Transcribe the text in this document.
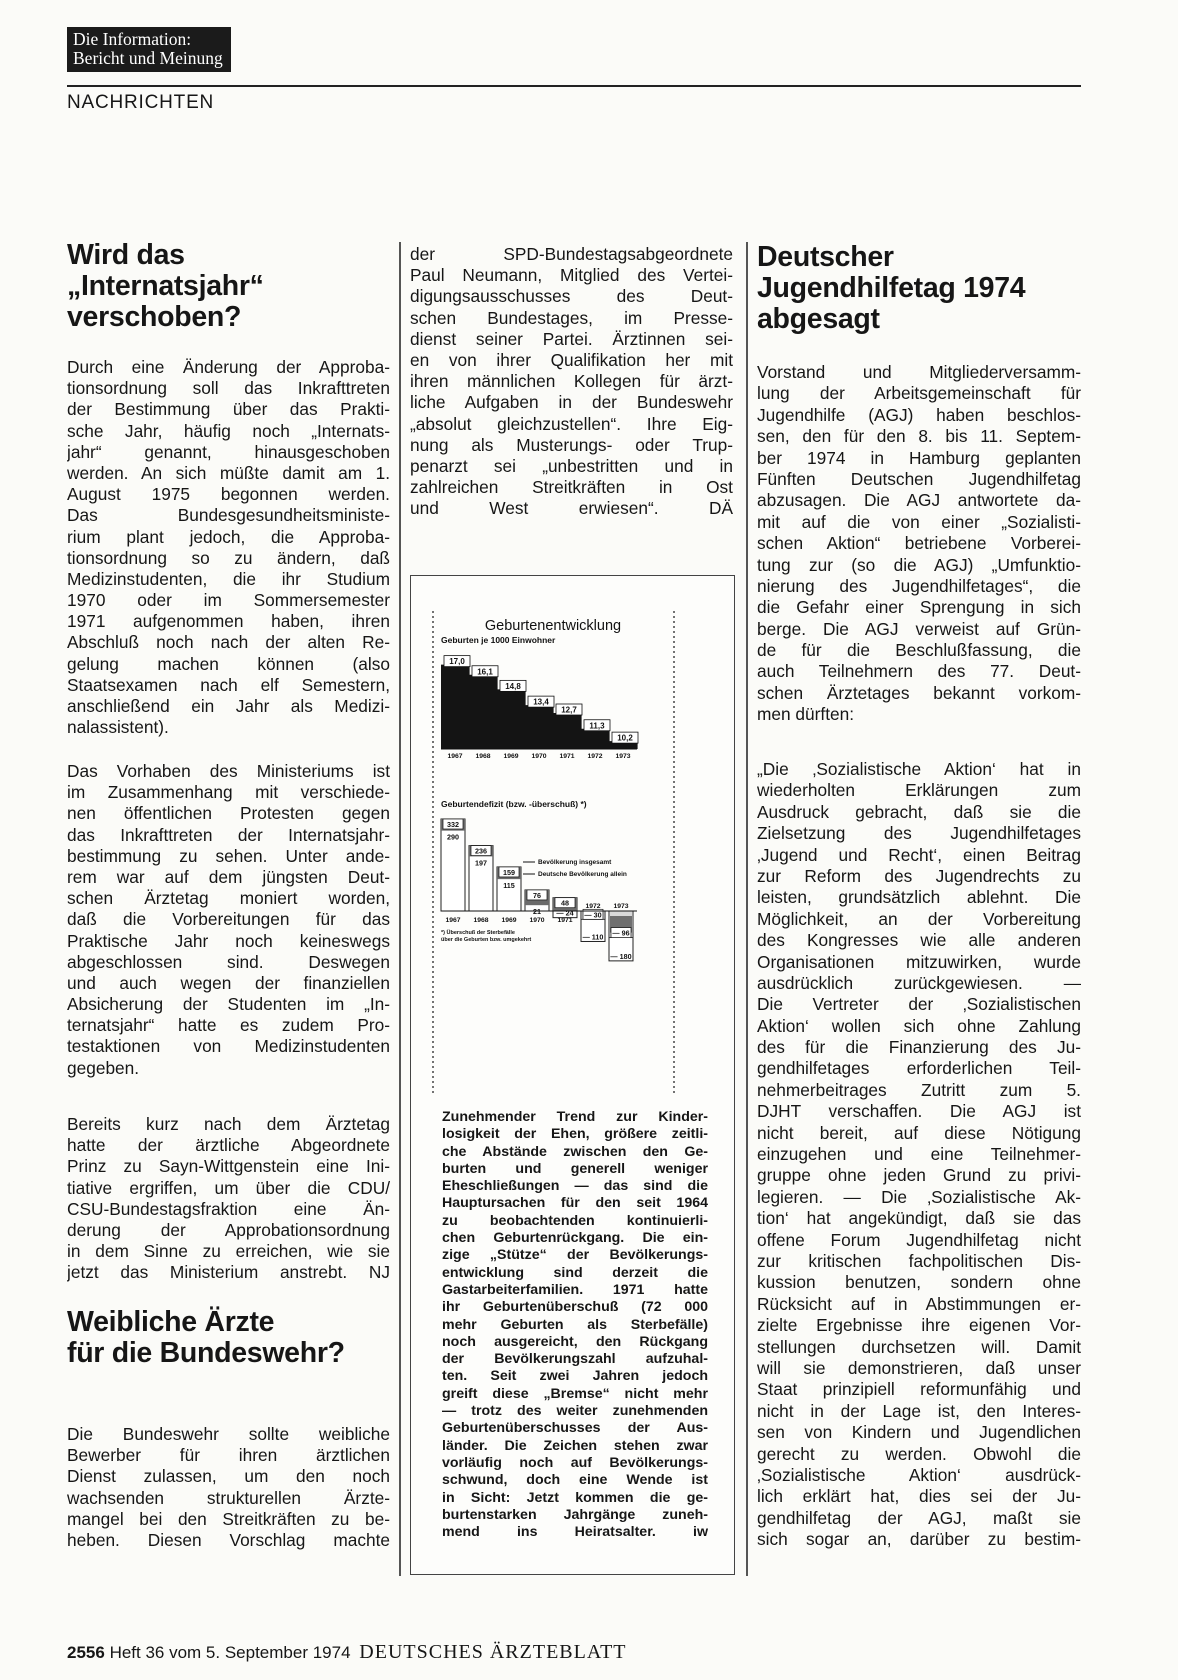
Die Information:
Bericht und Meinung
NACHRICHTEN
Wird das
„Internatsjahr“
verschoben?
Durch eine Änderung der Approba-
tionsordnung soll das Inkrafttreten
der Bestimmung über das Prakti-
sche Jahr, häufig noch „Internats-
jahr“ genannt, hinausgeschoben
werden. An sich müßte damit am 1.
August 1975 begonnen werden.
Das Bundesgesundheitsministe-
rium plant jedoch, die Approba-
tionsordnung so zu ändern, daß
Medizinstudenten, die ihr Studium
1970 oder im Sommersemester
1971 aufgenommen haben, ihren
Abschluß noch nach der alten Re-
gelung machen können (also
Staatsexamen nach elf Semestern,
anschließend ein Jahr als Medizi-
nalassistent).
Das Vorhaben des Ministeriums ist
im Zusammenhang mit verschiede-
nen öffentlichen Protesten gegen
das Inkrafttreten der Internatsjahr-
bestimmung zu sehen. Unter ande-
rem war auf dem jüngsten Deut-
schen Ärztetag moniert worden,
daß die Vorbereitungen für das
Praktische Jahr noch keineswegs
abgeschlossen sind. Deswegen
und auch wegen der finanziellen
Absicherung der Studenten im „In-
ternatsjahr“ hatte es zudem Pro-
testaktionen von Medizinstudenten
gegeben.
Bereits kurz nach dem Ärztetag
hatte der ärztliche Abgeordnete
Prinz zu Sayn-Wittgenstein eine Ini-
tiative ergriffen, um über die CDU/
CSU-Bundestagsfraktion eine Än-
derung der Approbationsordnung
in dem Sinne zu erreichen, wie sie
jetzt das Ministerium anstrebt. NJ
Weibliche Ärzte
für die Bundeswehr?
Die Bundeswehr sollte weibliche
Bewerber für ihren ärztlichen
Dienst zulassen, um den noch
wachsenden strukturellen Ärzte-
mangel bei den Streitkräften zu be-
heben. Diesen Vorschlag machte
der SPD-Bundestagsabgeordnete
Paul Neumann, Mitglied des Vertei-
digungsausschusses des Deut-
schen Bundestages, im Presse-
dienst seiner Partei. Ärztinnen sei-
en von ihrer Qualifikation her mit
ihren männlichen Kollegen für ärzt-
liche Aufgaben in der Bundeswehr
„absolut gleichzustellen“. Ihre Eig-
nung als Musterungs- oder Trup-
penarzt sei „unbestritten und in
zahlreichen Streitkräften in Ost
und West erwiesen“. DÄ
Geburtenentwicklung
Geburten je 1000 Einwohner
17,0
1967
16,1
1968
14,8
1969
13,4
1970
12,7
1971
11,3
1972
10,2
1973
Geburtendefizit (bzw. -überschuß) *)
332
290
1967
236
197
1968
159
115
1969
76
21
1970
48
— 24
1971
— 30
— 110
1972
— 96
— 180
1973
Bevölkerung insgesamt
Deutsche Bevölkerung allein
*) Überschuß der Sterbefälle
über die Geburten bzw. umgekehrt
Zunehmender Trend zur Kinder-
losigkeit der Ehen, größere zeitli-
che Abstände zwischen den Ge-
burten und generell weniger
Eheschließungen — das sind die
Hauptursachen für den seit 1964
zu beobachtenden kontinuierli-
chen Geburtenrückgang. Die ein-
zige „Stütze“ der Bevölkerungs-
entwicklung sind derzeit die
Gastarbeiterfamilien. 1971 hatte
ihr Geburtenüberschuß (72 000
mehr Geburten als Sterbefälle)
noch ausgereicht, den Rückgang
der Bevölkerungszahl aufzuhal-
ten. Seit zwei Jahren jedoch
greift diese „Bremse“ nicht mehr
— trotz des weiter zunehmenden
Geburtenüberschusses der Aus-
länder. Die Zeichen stehen zwar
vorläufig noch auf Bevölkerungs-
schwund, doch eine Wende ist
in Sicht: Jetzt kommen die ge-
burtenstarken Jahrgänge zuneh-
mend ins Heiratsalter. iw
Deutscher
Jugendhilfetag 1974
abgesagt
Vorstand und Mitgliederversamm-
lung der Arbeitsgemeinschaft für
Jugendhilfe (AGJ) haben beschlos-
sen, den für den 8. bis 11. Septem-
ber 1974 in Hamburg geplanten
Fünften Deutschen Jugendhilfetag
abzusagen. Die AGJ antwortete da-
mit auf die von einer „Sozialisti-
schen Aktion“ betriebene Vorberei-
tung zur (so die AGJ) „Umfunktio-
nierung des Jugendhilfetages“, die
die Gefahr einer Sprengung in sich
berge. Die AGJ verweist auf Grün-
de für die Beschlußfassung, die
auch Teilnehmern des 77. Deut-
schen Ärztetages bekannt vorkom-
men dürften:
„Die ‚Sozialistische Aktion‘ hat in
wiederholten Erklärungen zum
Ausdruck gebracht, daß sie die
Zielsetzung des Jugendhilfetages
‚Jugend und Recht‘, einen Beitrag
zur Reform des Jugendrechts zu
leisten, grundsätzlich ablehnt. Die
Möglichkeit, an der Vorbereitung
des Kongresses wie alle anderen
Organisationen mitzuwirken, wurde
ausdrücklich zurückgewiesen. —
Die Vertreter der ‚Sozialistischen
Aktion‘ wollen sich ohne Zahlung
des für die Finanzierung des Ju-
gendhilfetages erforderlichen Teil-
nehmerbeitrages Zutritt zum 5.
DJHT verschaffen. Die AGJ ist
nicht bereit, auf diese Nötigung
einzugehen und eine Teilnehmer-
gruppe ohne jeden Grund zu privi-
legieren. — Die ‚Sozialistische Ak-
tion‘ hat angekündigt, daß sie das
offene Forum Jugendhilfetag nicht
zur kritischen fachpolitischen Dis-
kussion benutzen, sondern ohne
Rücksicht auf in Abstimmungen er-
zielte Ergebnisse ihre eigenen Vor-
stellungen durchsetzen will. Damit
will sie demonstrieren, daß unser
Staat prinzipiell reformunfähig und
nicht in der Lage ist, den Interes-
sen von Kindern und Jugendlichen
gerecht zu werden. Obwohl die
‚Sozialistische Aktion‘ ausdrück-
lich erklärt hat, dies sei der Ju-
gendhilfetag der AGJ, maßt sie
sich sogar an, darüber zu bestim-
2556 Heft 36 vom 5. September 1974 DEUTSCHES ÄRZTEBLATT
